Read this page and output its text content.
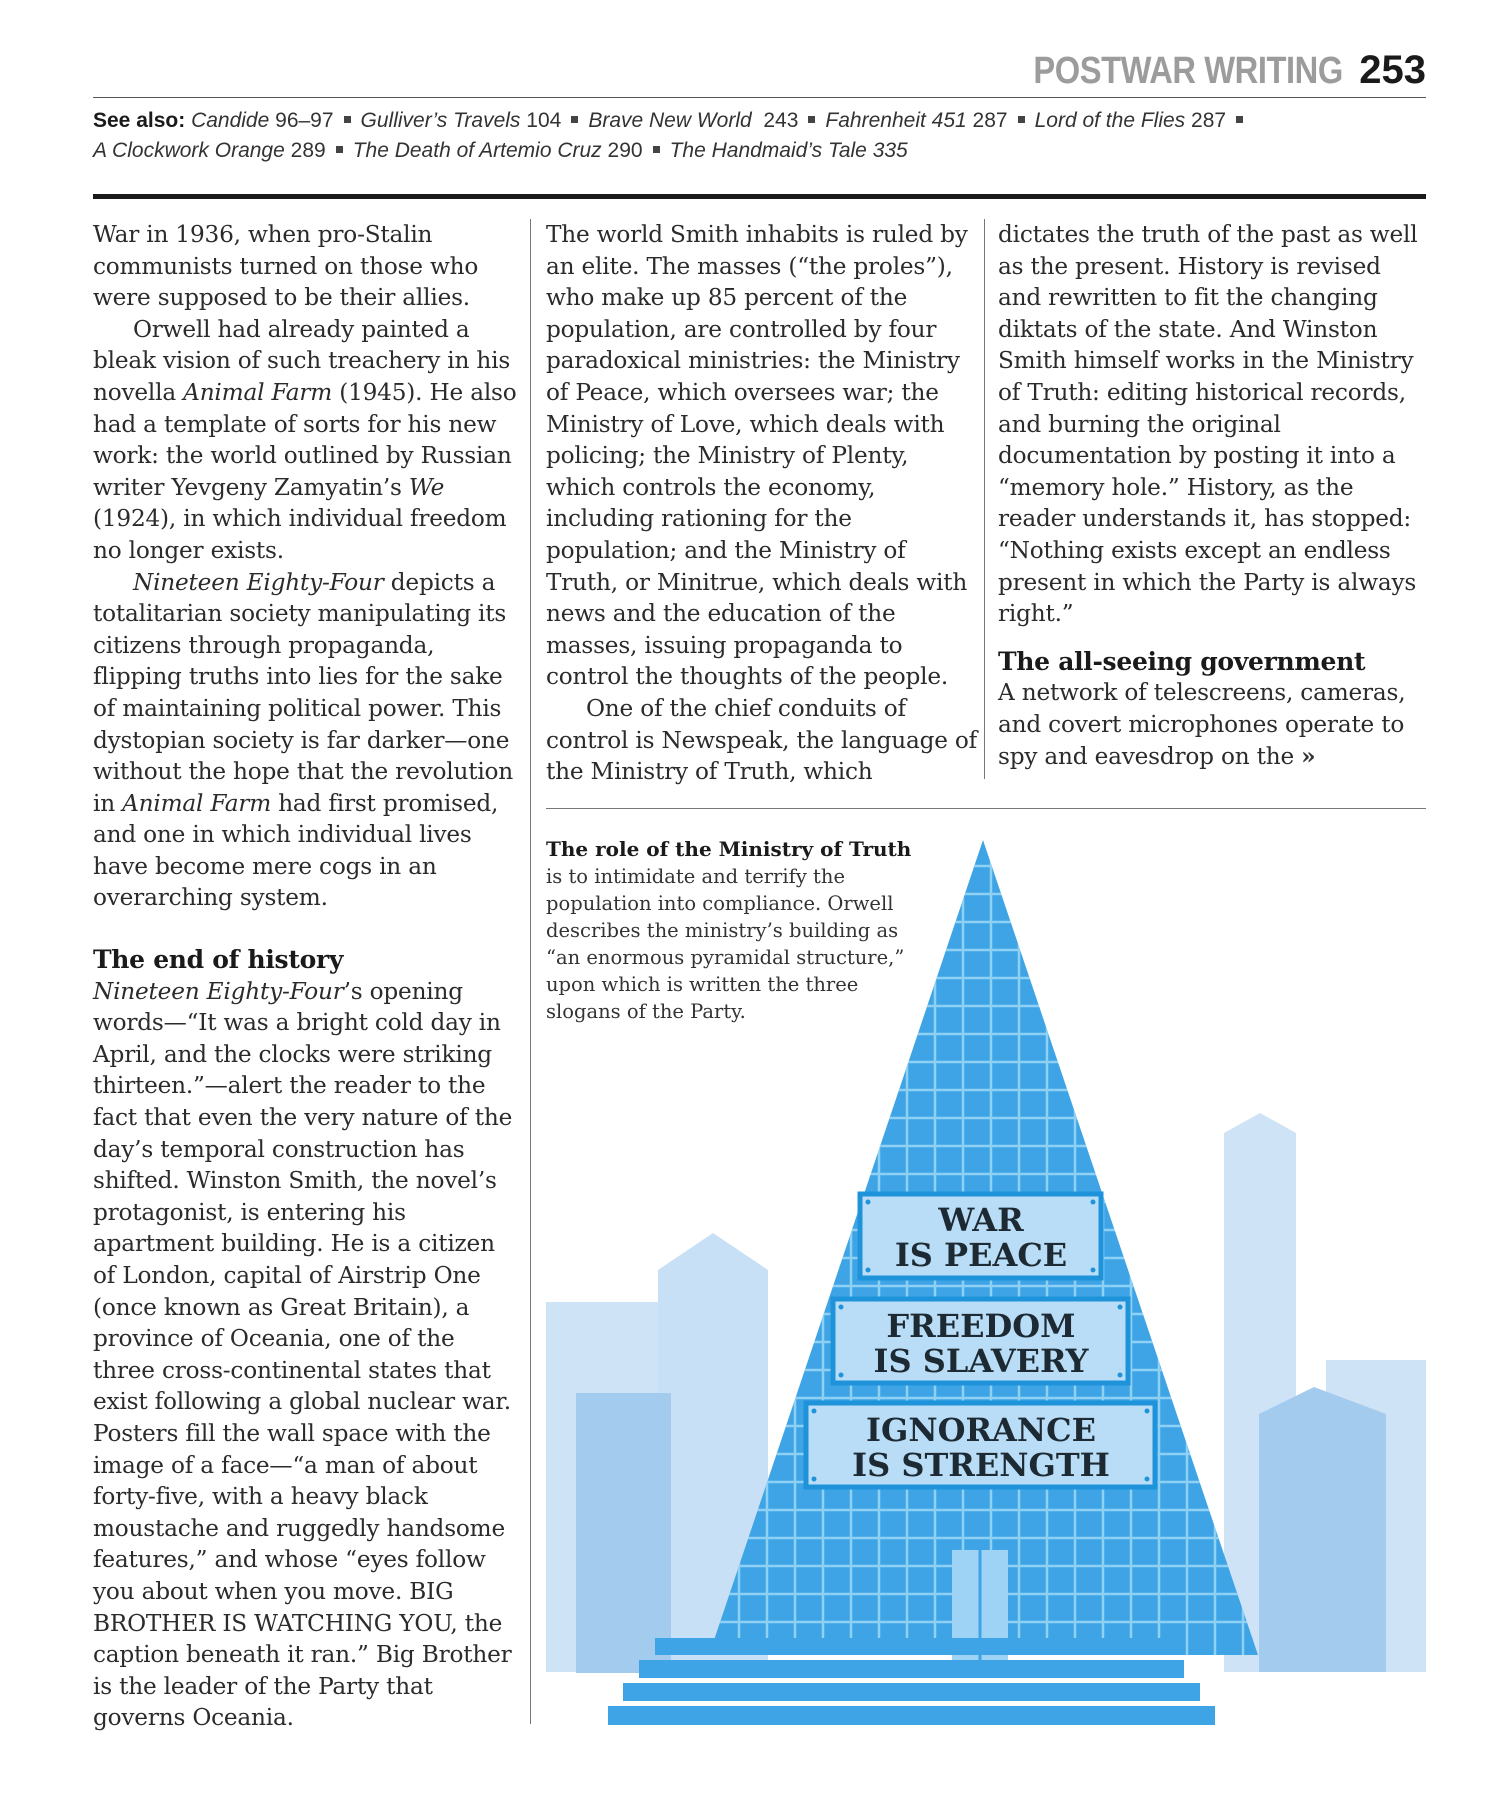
POSTWAR WRITING 253
See also: Candide 96–97 Gulliver’s Travels 104 Brave New World 243 Fahrenheit 451 287 Lord of the Flies 287
A Clockwork Orange 289 The Death of Artemio Cruz 290 The Handmaid’s Tale 335

War in 1936, when pro-Stalin communists turned on those who were supposed to be their allies.

Orwell had already painted a bleak vision of such treachery in his novella Animal Farm (1945). He also had a template of sorts for his new work: the world outlined by Russian writer Yevgeny Zamyatin’s We (1924), in which individual freedom no longer exists.

Nineteen Eighty-Four depicts a totalitarian society manipulating its citizens through propaganda, flipping truths into lies for the sake of maintaining political power. This dystopian society is far darker—one without the hope that the revolution in Animal Farm had first promised, and one in which individual lives have become mere cogs in an overarching system.

The end of history

Nineteen Eighty-Four’s opening words—“It was a bright cold day in April, and the clocks were striking thirteen.”—alert the reader to the fact that even the very nature of the day’s temporal construction has shifted. Winston Smith, the novel’s protagonist, is entering his apartment building. He is a citizen of London, capital of Airstrip One (once known as Great Britain), a province of Oceania, one of the three cross-continental states that exist following a global nuclear war. Posters fill the wall space with the image of a face—“a man of about forty-five, with a heavy black moustache and ruggedly handsome features,” and whose “eyes follow you about when you move. BIG BROTHER IS WATCHING YOU, the caption beneath it ran.” Big Brother is the leader of the Party that governs Oceania.

The world Smith inhabits is ruled by an elite. The masses (“the proles”), who make up 85 percent of the population, are controlled by four paradoxical ministries: the Ministry of Peace, which oversees war; the Ministry of Love, which deals with policing; the Ministry of Plenty, which controls the economy, including rationing for the population; and the Ministry of Truth, or Minitrue, which deals with news and the education of the masses, issuing propaganda to control the thoughts of the people.

One of the chief conduits of control is Newspeak, the language of the Ministry of Truth, which

dictates the truth of the past as well as the present. History is revised and rewritten to fit the changing diktats of the state. And Winston Smith himself works in the Ministry of Truth: editing historical records, and burning the original documentation by posting it into a “memory hole.” History, as the reader understands it, has stopped: “Nothing exists except an endless present in which the Party is always right.”

The all-seeing government

A network of telescreens, cameras, and covert microphones operate to spy and eavesdrop on the »

WAR
IS PEACE
FREEDOM
IS SLAVERY
IGNORANCE
IS STRENGTH
The role of the Ministry of Truth
is to intimidate and terrify the population into compliance. Orwell describes the ministry’s building as “an enormous pyramidal structure,” upon which is written the three slogans of the Party.
